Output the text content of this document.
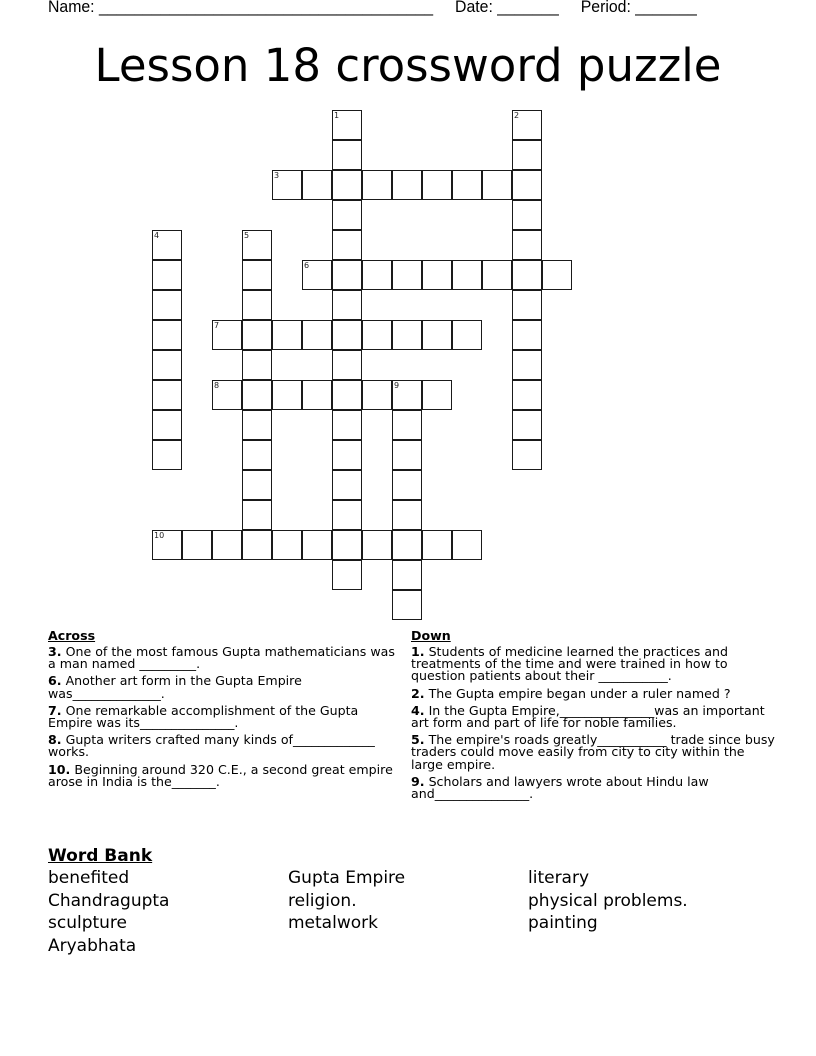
Name: ______________________________________     Date: _______     Period: _______
Lesson 18 crossword puzzle
1	2
3
4	5
6
7
8	9
10
Across
3. One of the most famous Gupta mathematicians was a man named _________.
6. Another art form in the Gupta Empire was______________.
7. One remarkable accomplishment of the Gupta Empire was its_______________.
8. Gupta writers crafted many kinds of_____________ works.
10. Beginning around 320 C.E., a second great empire arose in India is the_______.
Down
1. Students of medicine learned the practices and treatments of the time and were trained in how to question patients about their ___________.
2. The Gupta empire began under a ruler named ?
4. In the Gupta Empire,_______________was an important art form and part of life for noble families.
5. The empire's roads greatly___________ trade since busy traders could move easily from city to city within the large empire.
9. Scholars and lawyers wrote about Hindu law and_______________.
Word Bank
benefited	Gupta Empire	literary
Chandragupta	religion.	physical problems.
sculpture	metalwork	painting
Aryabhata
